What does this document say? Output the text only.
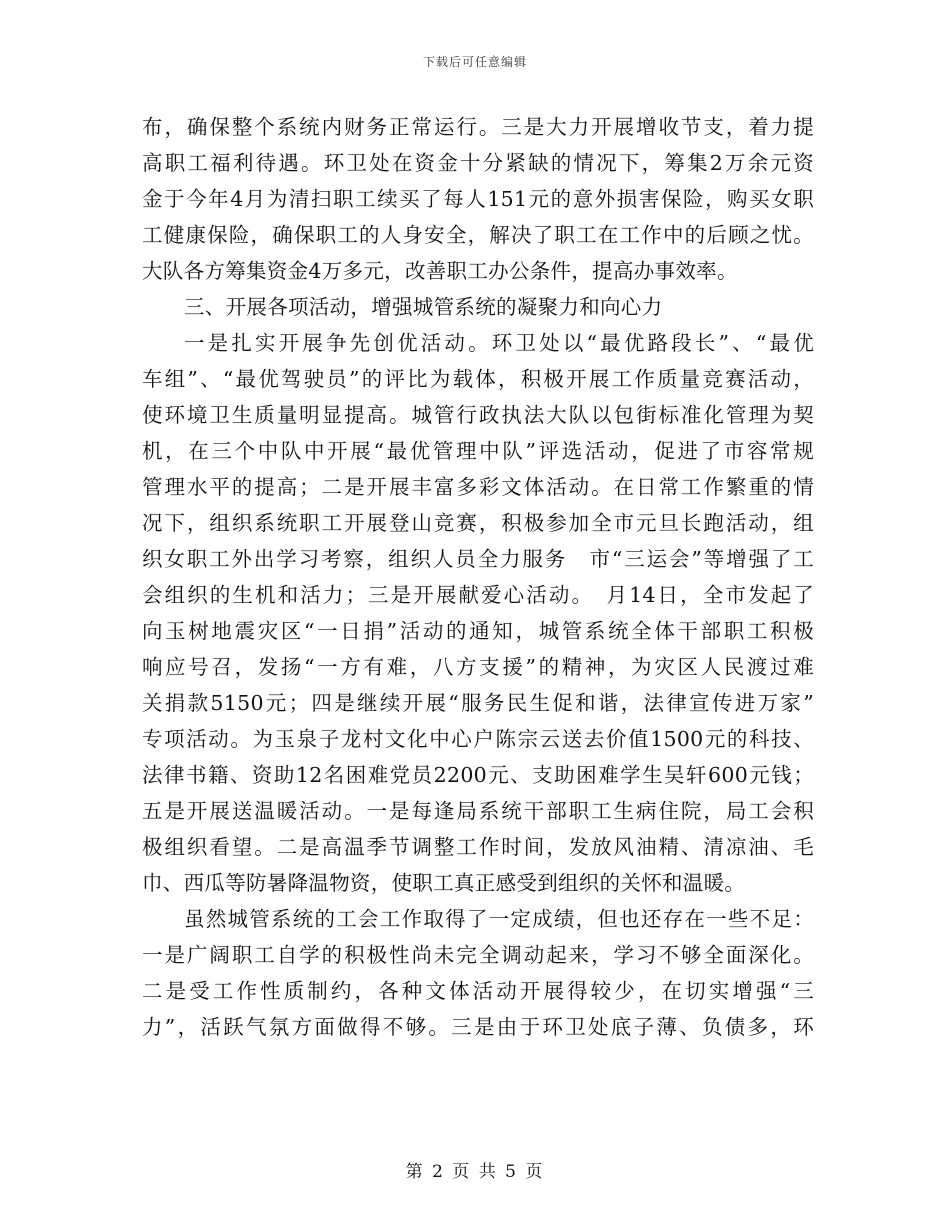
下载后可任意编辑
布，确保整个系统内财务正常运行。三是大力开展增收节支，着力提
高职工福利待遇。环卫处在资金十分紧缺的情况下，筹集2万余元资
金于今年4月为清扫职工续买了每人151元的意外损害保险，购买女职
工健康保险，确保职工的人身安全，解决了职工在工作中的后顾之忧。
大队各方筹集资金4万多元，改善职工办公条件，提高办事效率。
三、开展各项活动，增强城管系统的凝聚力和向心力
一是扎实开展争先创优活动。环卫处以“最优路段长”、“最优
车组”、“最优驾驶员”的评比为载体，积极开展工作质量竞赛活动，
使环境卫生质量明显提高。城管行政执法大队以包街标准化管理为契
机，在三个中队中开展“最优管理中队”评选活动，促进了市容常规
管理水平的提高；二是开展丰富多彩文体活动。在日常工作繁重的情
况下，组织系统职工开展登山竞赛，积极参加全市元旦长跑活动，组
织女职工外出学习考察，组织人员全力服务　市“三运会”等增强了工
会组织的生机和活力；三是开展献爱心活动。　月14日，全市发起了
向玉树地震灾区“一日捐”活动的通知，城管系统全体干部职工积极
响应号召，发扬“一方有难，八方支援”的精神，为灾区人民渡过难
关捐款5150元；四是继续开展“服务民生促和谐，法律宣传进万家”
专项活动。为玉泉子龙村文化中心户陈宗云送去价值1500元的科技、
法律书籍、资助12名困难党员2200元、支助困难学生吴轩600元钱；
五是开展送温暖活动。一是每逢局系统干部职工生病住院，局工会积
极组织看望。二是高温季节调整工作时间，发放风油精、清凉油、毛
巾、西瓜等防暑降温物资，使职工真正感受到组织的关怀和温暖。
虽然城管系统的工会工作取得了一定成绩，但也还存在一些不足：
一是广阔职工自学的积极性尚未完全调动起来，学习不够全面深化。
二是受工作性质制约，各种文体活动开展得较少，在切实增强“三
力”，活跃气氛方面做得不够。三是由于环卫处底子薄、负债多，环
第 2 页 共 5 页
